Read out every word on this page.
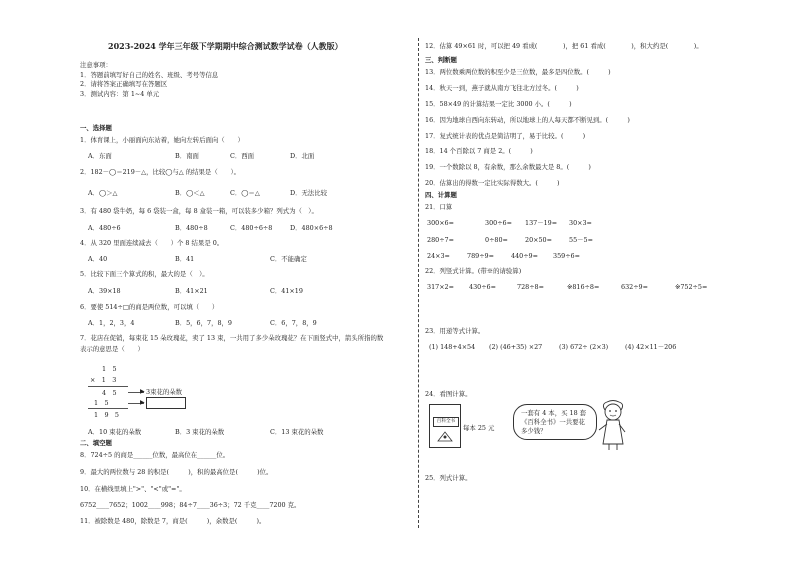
2023-2024 学年三年级下学期期中综合测试数学试卷（人教版）
注意事项：
1．答题前填写好自己的姓名、班级、考号等信息
2．请将答案正确填写在答题区
3．测试内容：第 1~4 单元
一、选择题
1．体育课上，小丽面向东站着，她向左转后面向（　　）
A．东面	B．南面	C．西面	D．北面
2．182－◯＝219－△，比较◯与△ 的结果是（　　）。
A．◯＞△	B．◯＜△	C．◯＝△	D．无法比较
3．有 480 袋牛奶，每 6 袋装一盒，每 8 盒装一箱，可以装多少箱？列式为（　）。
A．480÷6	B．480÷8	C．480÷6÷8	D．480×6÷8
4．从 320 里面连续减去（　　）个 8 结果是 0。
A．40	B．41	C．不能确定
5．比较下面三个算式的积，最大的是（　）。
A．39×18	B．41×21	C．41×19
6．要使 514÷□的商是两位数，可以填（　　）
A．1，2，3，4	B．5，6，7，8，9	C．6，7，8，9
7．花店在促销，每束花 15 朵玫瑰花，卖了 13 束，一共用了多少朵玫瑰花？在下面竖式中，箭头所指的数
表示的意思是（　　）
1　5
×　1　3
4　5
1　5
1　9　5
▶ 3束花的朵数
▶
A．10 束花的朵数	B．3 束花的朵数	C．13 束花的朵数
二、填空题
8．724÷5 的商是______位数，最高位在______位。
9．最大的两位数与 28 的积是(　　　)，积的最高位是(　　　)位。
10．在横线里填上">"、"<"或"="。
6752____7652；1002____998；84÷7____36÷3；72 千克____7200 克。
11．被除数是 480，除数是 7，商是(　　　)，余数是(　　　)。
12．估算 49×61 时，可以把 49 看成(　　　　)，把 61 看成(　　　　)，积大约是(　　　　)。
三、判断题
13．两位数乘两位数的积至少是三位数，最多是四位数。(　　　)
14．秋天一到，燕子就从南方飞往北方过冬。(　　　)
15．58×49 的计算结果一定比 3000 小。(　　　)
16．因为地球自西向东转动，所以地球上的人每天都不断见到。(　　　)
17．复式统计表的优点是简洁明了，易于比较。(　　　)
18．14 个百除以 7 商是 2。(　　　)
19．一个数除以 8，有余数，那么余数最大是 8。(　　　)
20．估算出的得数一定比实际得数大。(　　　)
四、计算题
21．口算
300×6=	300÷6= 137－19= 30×3=
280÷7=	0÷80=	20×50=	55－5=
24×3=	789÷9=	440÷9= 359÷6=
22．列竖式计算。(带※的请验算)
317×2= 430÷6=	728÷8=	※816÷8=	632÷9=	※752÷5=
23．用递等式计算。
(1) 148+4×54 (2) (46+35) ×27	(3) 672÷ (2×3)	(4) 42×11－206
24．看图计算。
百科全书
每本 25 元
一套有 4 本，买 18 套
《百科全书》一共要花
多少钱？
25．列式计算。
